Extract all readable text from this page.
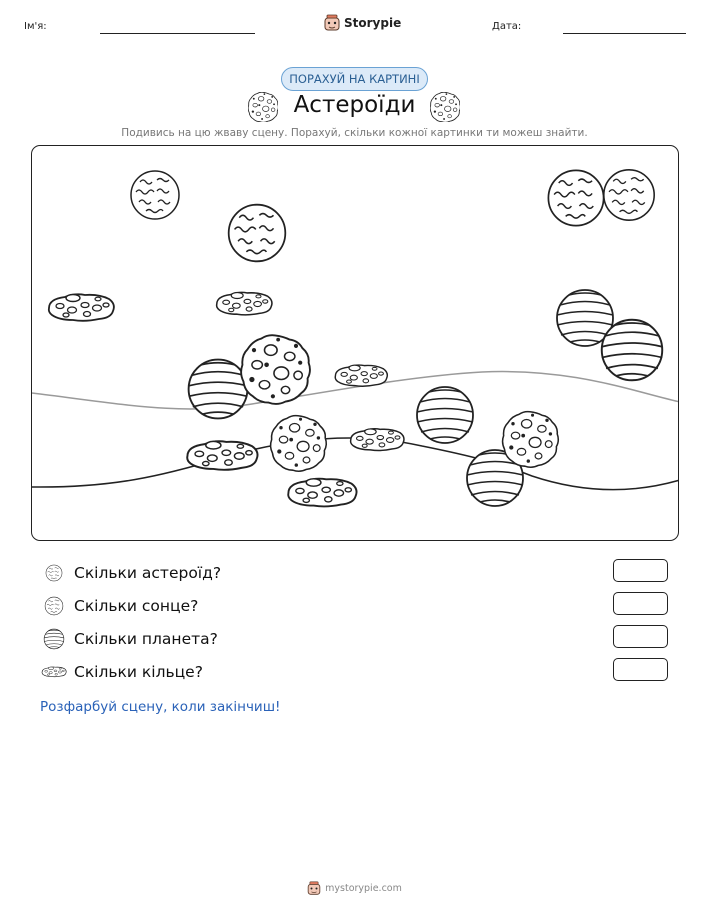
Ім'я:	Storypie	Дата:
ПОРАХУЙ НА КАРТИНІ
Астероїди
Подивись на цю жваву сцену. Порахуй, скільки кожної картинки ти можеш знайти.
Скільки астероїд?
Скільки сонце?
Скільки планета?
Скільки кільце?
Розфарбуй сцену, коли закінчиш!
mystorypie.com
